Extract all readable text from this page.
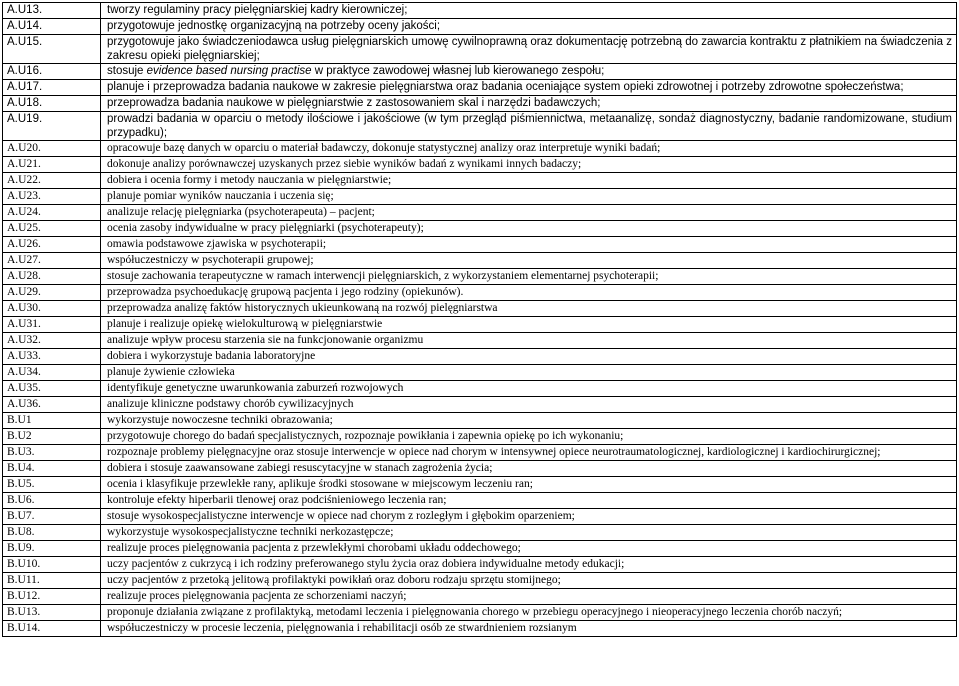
A.U13.	tworzy regulaminy pracy pielęgniarskiej kadry kierowniczej;
A.U14.	przygotowuje jednostkę organizacyjną na potrzeby oceny jakości;
A.U15.	przygotowuje jako świadczeniodawca usług pielęgniarskich umowę cywilnoprawną oraz dokumentację potrzebną do zawarcia kontraktu z płatnikiem na świadczenia z zakresu opieki pielęgniarskiej;
A.U16.	stosuje evidence based nursing practise w praktyce zawodowej własnej lub kierowanego zespołu;
A.U17.	planuje i przeprowadza badania naukowe w zakresie pielęgniarstwa oraz badania oceniające system opieki zdrowotnej i potrzeby zdrowotne społeczeństwa;
A.U18.	przeprowadza badania naukowe w pielęgniarstwie z zastosowaniem skal i narzędzi badawczych;
A.U19.	prowadzi badania w oparciu o metody ilościowe i jakościowe (w tym przegląd piśmiennictwa, metaanalizę, sondaż diagnostyczny, badanie randomizowane, studium przypadku);
A.U20.	opracowuje bazę danych w oparciu o materiał badawczy, dokonuje statystycznej analizy oraz interpretuje wyniki badań;
A.U21.	dokonuje analizy porównawczej uzyskanych przez siebie wyników badań z wynikami innych badaczy;
A.U22.	dobiera i ocenia formy i metody nauczania w pielęgniarstwie;
A.U23.	planuje pomiar wyników nauczania i uczenia się;
A.U24.	analizuje relację pielęgniarka (psychoterapeuta) – pacjent;
A.U25.	ocenia zasoby indywidualne w pracy pielęgniarki (psychoterapeuty);
A.U26.	omawia podstawowe zjawiska w psychoterapii;
A.U27.	współuczestniczy w psychoterapii grupowej;
A.U28.	stosuje zachowania terapeutyczne w ramach interwencji pielęgniarskich, z wykorzystaniem elementarnej psychoterapii;
A.U29.	przeprowadza psychoedukację grupową pacjenta i jego rodziny (opiekunów).
A.U30.	przeprowadza analizę faktów historycznych ukieunkowaną na rozwój pielęgniarstwa
A.U31.	planuje i realizuje opiekę wielokulturową w pielęgniarstwie
A.U32.	analizuje wpływ procesu starzenia sie na funkcjonowanie organizmu
A.U33.	dobiera i wykorzystuje badania laboratoryjne
A.U34.	planuje żywienie człowieka
A.U35.	identyfikuje genetyczne uwarunkowania zaburzeń rozwojowych
A.U36.	analizuje kliniczne podstawy chorób cywilizacyjnych
B.U1	wykorzystuje nowoczesne techniki obrazowania;
B.U2	przygotowuje chorego do badań specjalistycznych, rozpoznaje powikłania i zapewnia opiekę po ich wykonaniu;
B.U3.	rozpoznaje problemy pielęgnacyjne oraz stosuje interwencje w opiece nad chorym w intensywnej opiece neurotraumatologicznej, kardiologicznej i kardiochirurgicznej;
B.U4.	dobiera i stosuje zaawansowane zabiegi resuscytacyjne w stanach zagrożenia życia;
B.U5.	ocenia i klasyfikuje przewlekłe rany, aplikuje środki stosowane w miejscowym leczeniu ran;
B.U6.	kontroluje efekty hiperbarii tlenowej oraz podciśnieniowego leczenia ran;
B.U7.	stosuje wysokospecjalistyczne interwencje w opiece nad chorym z rozległym i głębokim oparzeniem;
B.U8.	wykorzystuje wysokospecjalistyczne techniki nerkozastępcze;
B.U9.	realizuje proces pielęgnowania pacjenta z przewlekłymi chorobami układu oddechowego;
B.U10.	uczy pacjentów z cukrzycą i ich rodziny preferowanego stylu życia oraz dobiera indywidualne metody edukacji;
B.U11.	uczy pacjentów z przetoką jelitową profilaktyki powikłań oraz doboru rodzaju sprzętu stomijnego;
B.U12.	realizuje proces pielęgnowania pacjenta ze schorzeniami naczyń;
B.U13.	proponuje działania związane z profilaktyką, metodami leczenia i pielęgnowania chorego w przebiegu operacyjnego i nieoperacyjnego leczenia chorób naczyń;
B.U14.	współuczestniczy w procesie leczenia, pielęgnowania i rehabilitacji osób ze stwardnieniem rozsianym
